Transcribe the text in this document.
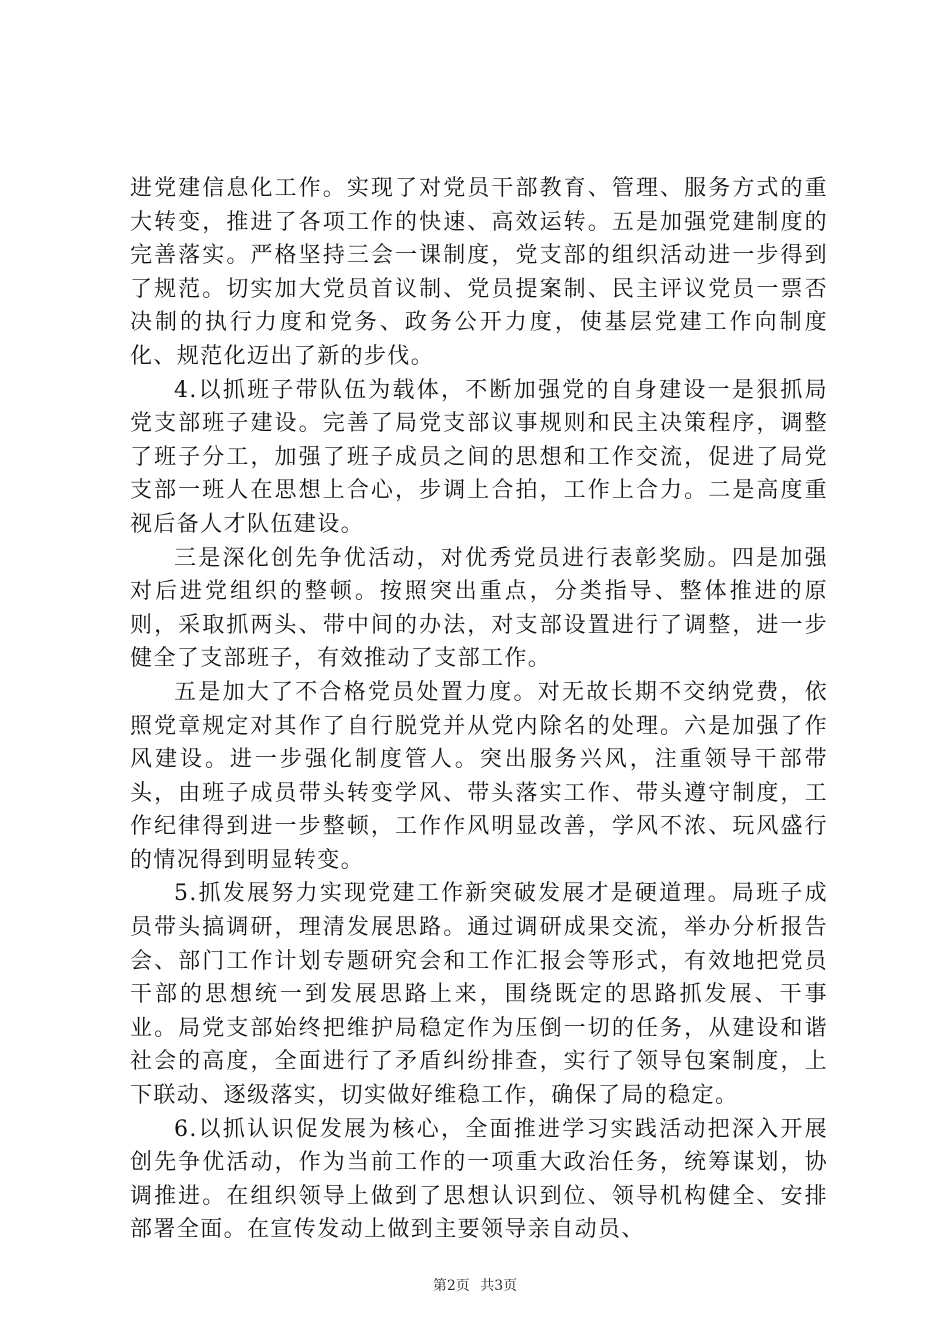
进党建信息化工作。实现了对党员干部教育、管理、服务方式的重大转变，推进了各项工作的快速、高效运转。五是加强党建制度的完善落实。严格坚持三会一课制度，党支部的组织活动进一步得到了规范。切实加大党员首议制、党员提案制、民主评议党员一票否决制的执行力度和党务、政务公开力度，使基层党建工作向制度化、规范化迈出了新的步伐。

4.以抓班子带队伍为载体，不断加强党的自身建设一是狠抓局党支部班子建设。完善了局党支部议事规则和民主决策程序，调整了班子分工，加强了班子成员之间的思想和工作交流，促进了局党支部一班人在思想上合心，步调上合拍，工作上合力。二是高度重视后备人才队伍建设。

三是深化创先争优活动，对优秀党员进行表彰奖励。四是加强对后进党组织的整顿。按照突出重点，分类指导、整体推进的原则，采取抓两头、带中间的办法，对支部设置进行了调整，进一步健全了支部班子，有效推动了支部工作。

五是加大了不合格党员处置力度。对无故长期不交纳党费，依照党章规定对其作了自行脱党并从党内除名的处理。六是加强了作风建设。进一步强化制度管人。突出服务兴风，注重领导干部带头，由班子成员带头转变学风、带头落实工作、带头遵守制度，工作纪律得到进一步整顿，工作作风明显改善，学风不浓、玩风盛行的情况得到明显转变。

5.抓发展努力实现党建工作新突破发展才是硬道理。局班子成员带头搞调研，理清发展思路。通过调研成果交流，举办分析报告会、部门工作计划专题研究会和工作汇报会等形式，有效地把党员干部的思想统一到发展思路上来，围绕既定的思路抓发展、干事业。局党支部始终把维护局稳定作为压倒一切的任务，从建设和谐社会的高度，全面进行了矛盾纠纷排查，实行了领导包案制度，上下联动、逐级落实，切实做好维稳工作，确保了局的稳定。

6.以抓认识促发展为核心，全面推进学习实践活动把深入开展创先争优活动，作为当前工作的一项重大政治任务，统筹谋划，协调推进。在组织领导上做到了思想认识到位、领导机构健全、安排部署全面。在宣传发动上做到主要领导亲自动员、

第2页 共3页
